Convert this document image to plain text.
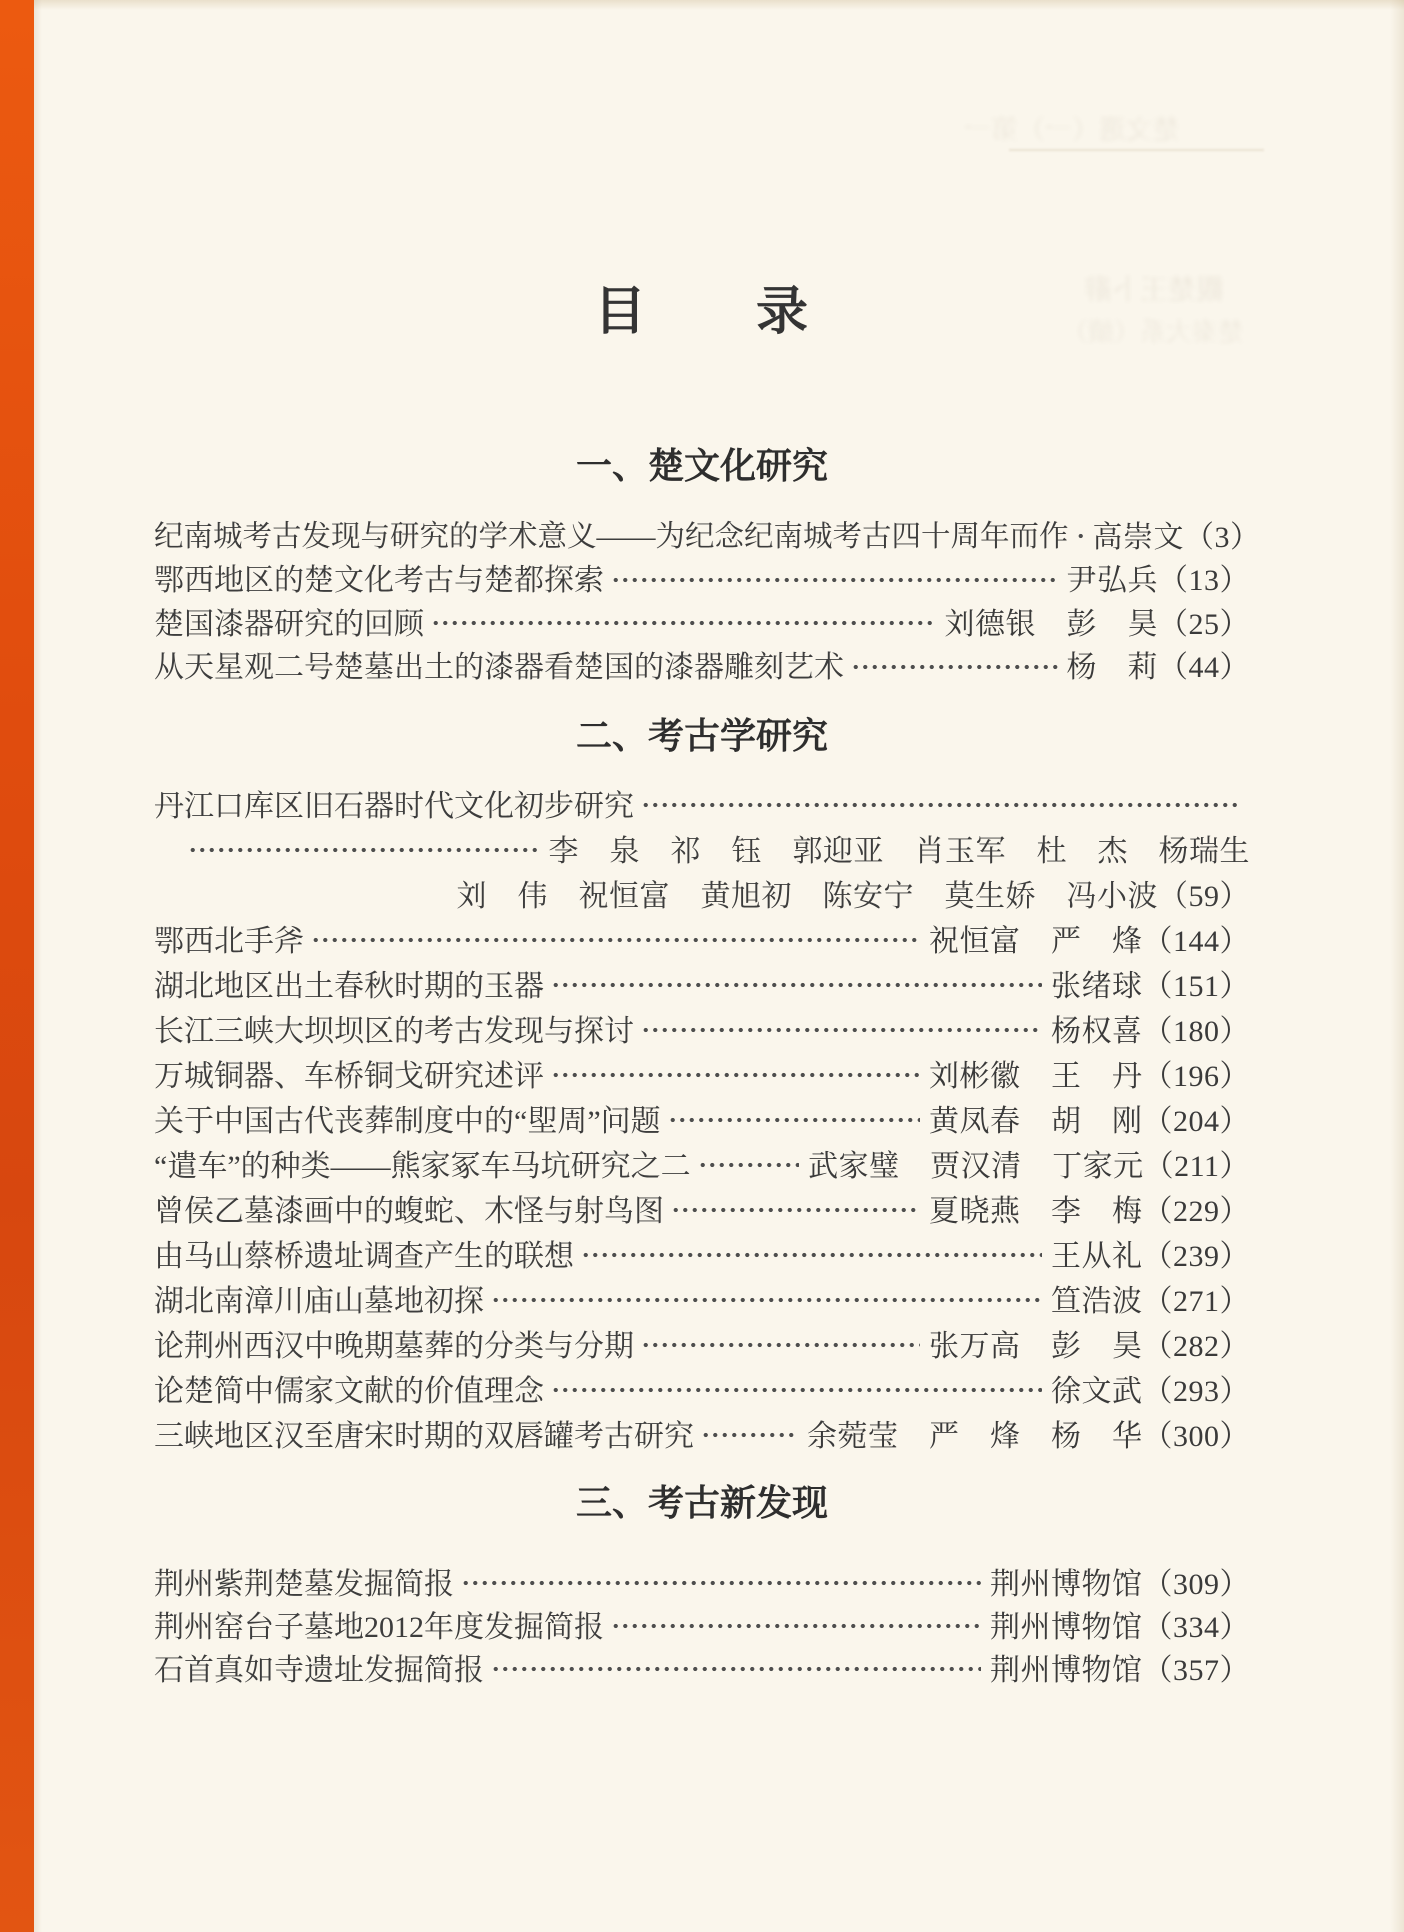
楚文選（一）第一
觀楚王卜辭
楚秦大系（續）
目　　录
一、楚文化研究
纪南城考古发现与研究的学术意义——为纪念纪南城考古四十周年而作 高崇文（3）
鄂西地区的楚文化考古与楚都探索	尹弘兵（13）
楚国漆器研究的回顾	刘德银　彭　昊（25）
从天星观二号楚墓出土的漆器看楚国的漆器雕刻艺术	杨　莉（44）
二、考古学研究
丹江口库区旧石器时代文化初步研究
李　泉　祁　钰　郭迎亚　肖玉军　杜　杰　杨瑞生
刘　伟　祝恒富　黄旭初　陈安宁　莫生娇　冯小波（59）
鄂西北手斧	祝恒富　严　烽（144）
湖北地区出土春秋时期的玉器	张绪球（151）
长江三峡大坝坝区的考古发现与探讨	杨权喜（180）
万城铜器、车桥铜戈研究述评	刘彬徽　王　丹（196）
关于中国古代丧葬制度中的“堲周”问题	黄凤春　胡　刚（204）
“遣车”的种类——熊家冢车马坑研究之二	武家璧　贾汉清　丁家元（211）
曾侯乙墓漆画中的蝮蛇、木怪与射鸟图	夏晓燕　李　梅（229）
由马山蔡桥遗址调查产生的联想	王从礼（239）
湖北南漳川庙山墓地初探	笪浩波（271）
论荆州西汉中晚期墓葬的分类与分期	张万高　彭　昊（282）
论楚简中儒家文献的价值理念	徐文武（293）
三峡地区汉至唐宋时期的双唇罐考古研究	余菀莹　严　烽　杨　华（300）
三、考古新发现
荆州紫荆楚墓发掘简报	荆州博物馆（309）
荆州窑台子墓地2012年度发掘简报	荆州博物馆（334）
石首真如寺遗址发掘简报	荆州博物馆（357）
